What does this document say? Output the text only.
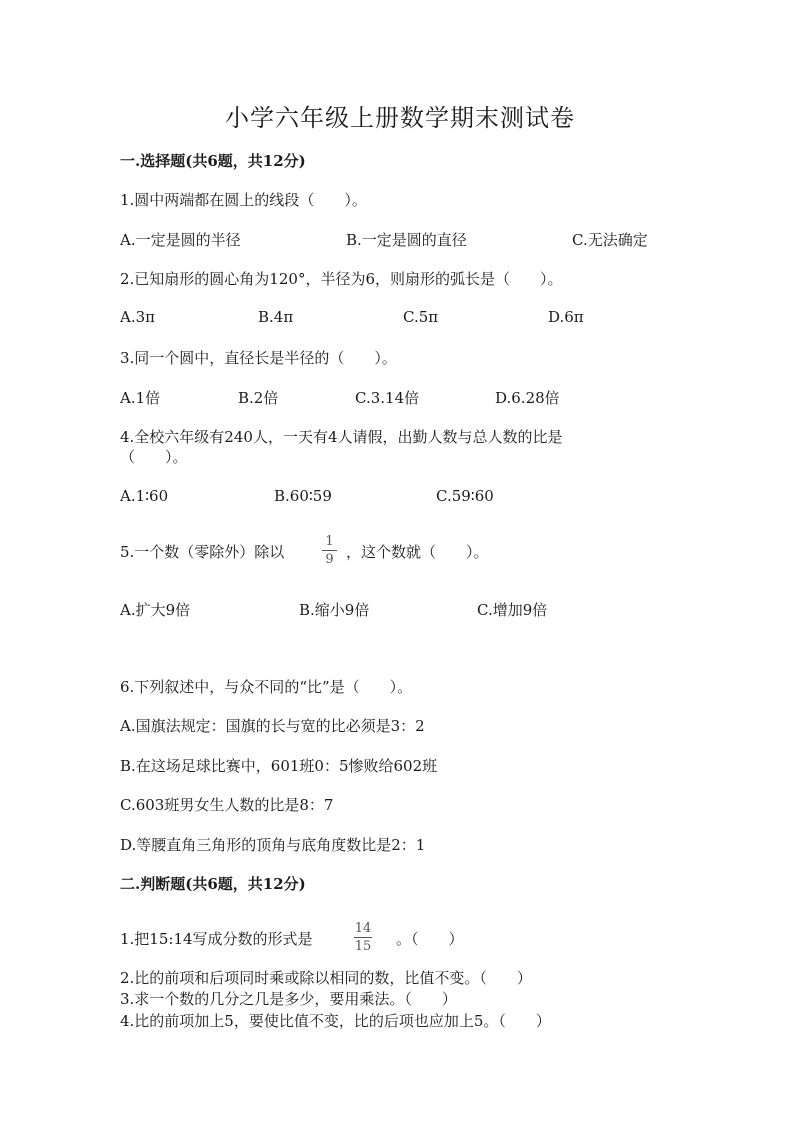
小学六年级上册数学期末测试卷
一.选择题(共6题，共12分)
1.圆中两端都在圆上的线段（　　）。
A.一定是圆的半径	B.一定是圆的直径	C.无法确定
2.已知扇形的圆心角为120°，半径为6，则扇形的弧长是（　　）。
A.3π	B.4π	C.5π	D.6π
3.同一个圆中，直径长是半径的（　　）。
A.1倍	B.2倍	C.3.14倍	D.6.28倍
4.全校六年级有240人，一天有4人请假，出勤人数与总人数的比是
（　　）。
A.1∶60	B.60∶59	C.59∶60
5.一个数（零除外）除以
1
9 ，这个数就（　　）。
A.扩大9倍	B.缩小9倍	C.增加9倍
6.下列叙述中，与众不同的“比”是（　　）。
A.国旗法规定：国旗的长与宽的比必须是3：2
B.在这场足球比赛中，601班0：5惨败给602班
C.603班男女生人数的比是8：7
D.等腰直角三角形的顶角与底角度数比是2：1
二.判断题(共6题，共12分)
1.把15:14写成分数的形式是
14
15 。（　　）
2.比的前项和后项同时乘或除以相同的数，比值不变。（　　）
3.求一个数的几分之几是多少，要用乘法。（　　）
4.比的前项加上5，要使比值不变，比的后项也应加上5。（　　）
